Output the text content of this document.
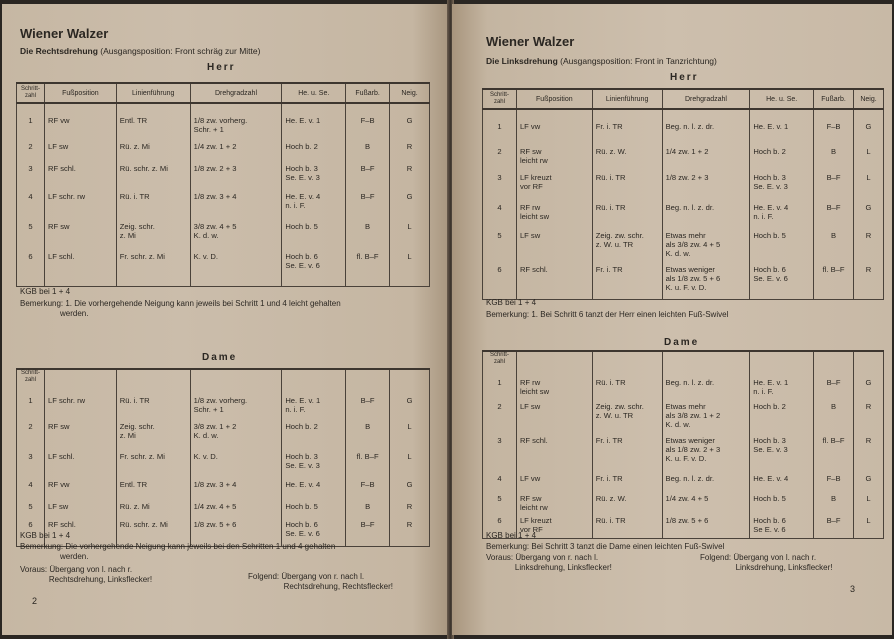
Wiener Walzer
Die Rechtsdrehung (Ausgangsposition: Front schräg zur Mitte)
Herr
Schritt-
zahl	Fußposition	Linienführung	Drehgradzahl	He. u. Se.	Fußarb.	Neig.
1	RF vw	Entl. TR	1/8 zw. vorherg.
Schr. + 1	He. E. v. 1	F–B	G
2	LF sw	Rü. z. Mi	1/4 zw. 1 + 2	Hoch b. 2	B	R
3	RF schl.	Rü. schr. z. Mi	1/8 zw. 2 + 3	Hoch b. 3
Se. E. v. 3	B–F	R
4	LF schr. rw	Rü. i. TR	1/8 zw. 3 + 4	He. E. v. 4
n. i. F.	B–F	G
5	RF sw	Zeig. schr.
z. Mi	3/8 zw. 4 + 5
K. d. w.	Hoch b. 5	B	L
6	LF schl.	Fr. schr. z. Mi	K. v. D.	Hoch b. 6
Se. E. v. 6	fl. B–F	L
KGB bei 1 + 4
Bemerkung: 1. Die vorhergehende Neigung kann jeweils bei Schritt 1 und 4 leicht gehalten
werden.
Dame
Schritt-
zahl						
1	LF schr. rw	Rü. i. TR	1/8 zw. vorherg.
Schr. + 1	He. E. v. 1
n. i. F.	B–F	G
2	RF sw	Zeig. schr.
z. Mi	3/8 zw. 1 + 2
K. d. w.	Hoch b. 2	B	L
3	LF schl.	Fr. schr. z. Mi	K. v. D.	Hoch b. 3
Se. E. v. 3	fl. B–F	L
4	RF vw	Entl. TR	1/8 zw. 3 + 4	He. E. v. 4	F–B	G
5	LF sw	Rü. z. Mi	1/4 zw. 4 + 5	Hoch b. 5	B	R
6	RF schl.	Rü. schr. z. Mi	1/8 zw. 5 + 6	Hoch b. 6
Se. E. v. 6	B–F	R
KGB bei 1 + 4
Bemerkung: Die vorhergehende Neigung kann jeweils bei den Schritten 1 und 4 gehalten
werden.
Voraus: Übergang von l. nach r.
Rechtsdrehung, Linksflecker!	Folgend: Übergang von r. nach l.
Rechtsdrehung, Rechtsflecker!
2
Wiener Walzer
Die Linksdrehung (Ausgangsposition: Front in Tanzrichtung)
Herr
Schritt-
zahl	Fußposition	Linienführung	Drehgradzahl	He. u. Se.	Fußarb.	Neig.
1	LF vw	Fr. i. TR	Beg. n. l. z. dr.	He. E. v. 1	F–B	G
2	RF sw
leicht rw	Rü. z. W.	1/4 zw. 1 + 2	Hoch b. 2	B	L
3	LF kreuzt
vor RF	Rü. i. TR	1/8 zw. 2 + 3	Hoch b. 3
Se. E. v. 3	B–F	L
4	RF rw
leicht sw	Rü. i. TR	Beg. n. l. z. dr.	He. E. v. 4
n. i. F.	B–F	G
5	LF sw	Zeig. zw. schr.
z. W. u. TR	Etwas mehr
als 3/8 zw. 4 + 5
K. d. w.	Hoch b. 5	B	R
6	RF schl.	Fr. i. TR	Etwas weniger
als 1/8 zw. 5 + 6
K. u. F. v. D.	Hoch b. 6
Se. E. v. 6	fl. B–F	R
KGB bei 1 + 4
Bemerkung: 1. Bei Schritt 6 tanzt der Herr einen leichten Fuß-Swivel
Dame
Schritt-
zahl						
1	RF rw
leicht sw	Rü. i. TR	Beg. n. l. z. dr.	He. E. v. 1
n. i. F.	B–F	G
2	LF sw	Zeig. zw. schr.
z. W. u. TR	Etwas mehr
als 3/8 zw. 1 + 2
K. d. w.	Hoch b. 2	B	R
3	RF schl.	Fr. i. TR	Etwas weniger
als 1/8 zw. 2 + 3
K. u. F. v. D.	Hoch b. 3
Se. E. v. 3	fl. B–F	R
4	LF vw	Fr. i. TR	Beg. n. l. z. dr.	He. E. v. 4	F–B	G
5	RF sw
leicht rw	Rü. z. W.	1/4 zw. 4 + 5	Hoch b. 5	B	L
6	LF kreuzt
vor RF	Rü. i. TR	1/8 zw. 5 + 6	Hoch b. 6
Se E. v. 6	B–F	L
KGB bei 1 + 4
Bemerkung: Bei Schritt 3 tanzt die Dame einen leichten Fuß-Swivel
Voraus: Übergang von r. nach l.
Linksdrehung, Linksflecker!
Folgend: Übergang von l. nach r.
Linksdrehung, Linksflecker!
3
